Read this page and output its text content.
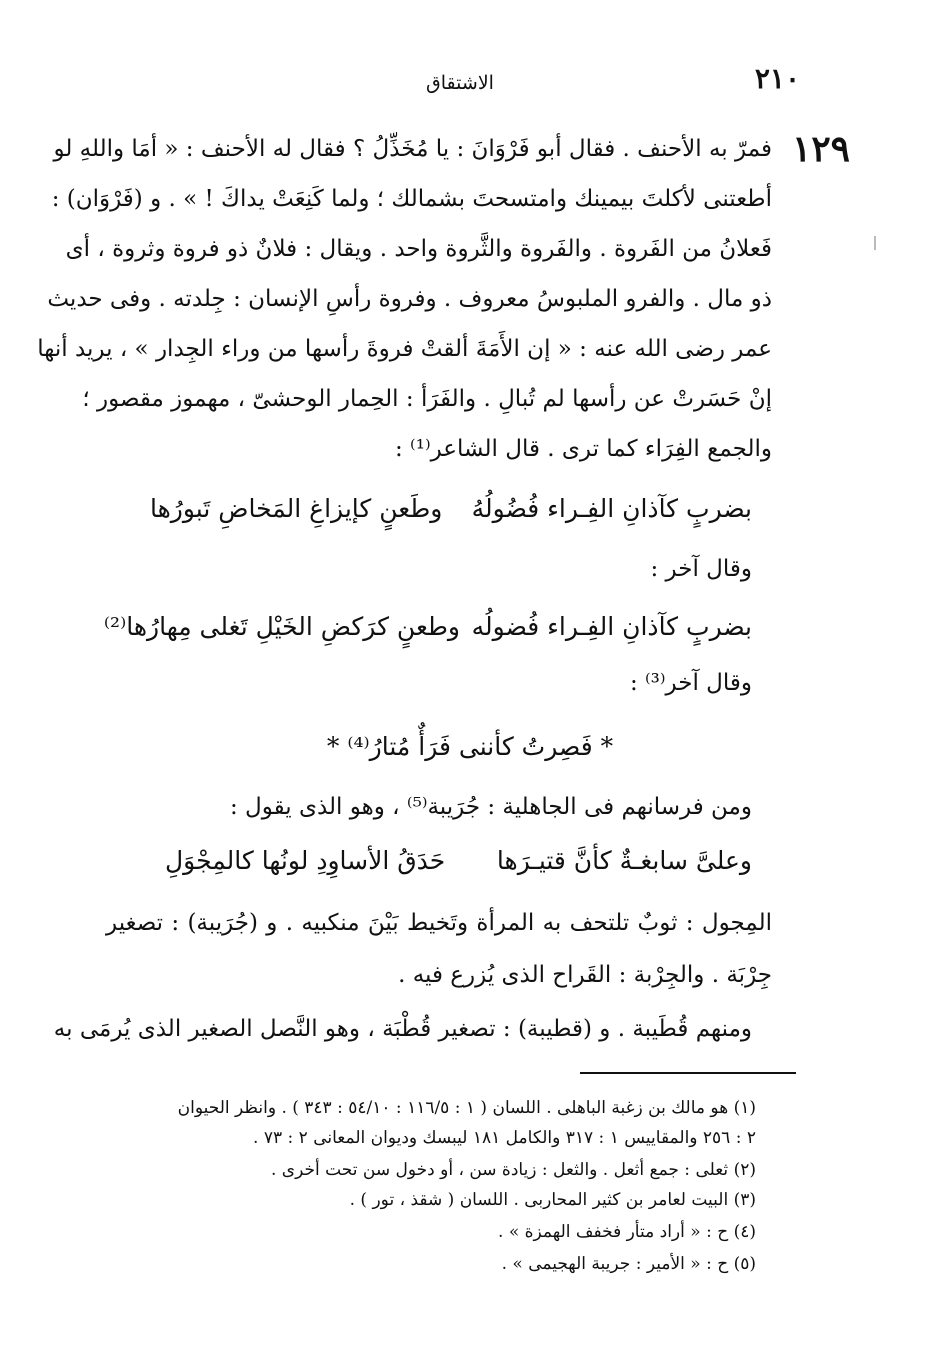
٢١٠
الاشتقاق
١٢٩
فمرّ به الأحنف . فقال أبو فَرْوَانَ : يا مُخَذِّلُ ؟ فقال له الأحنف : « أمَا واللهِ لو
أطعتنى لأكلتَ بيمينك وامتسحتَ بشمالك ؛ ولما كَنِعَتْ يداكَ ! » . و (فَرْوَان) :
فَعلانُ من الفَروة . والفَروة والثَّروة واحد . ويقال : فلانٌ ذو فروة وثروة ، أى
ذو مال . والفرو الملبوسُ معروف . وفروة رأسِ الإنسان : جِلدته . وفى حديث
عمر رضى الله عنه : « إن الأَمَةَ ألقتْ فروةَ رأسها من وراء الجِدار » ، يريد أنها
إنْ حَسَرتْ عن رأسها لم تُبالِ . والفَرَأ : الحِمار الوحشىّ ، مهموز مقصور ؛
والجمع الفِرَاء كما ترى . قال الشاعر⁽¹⁾ :
بضربٍ كآذانِ الفِـراء فُضُولُهُ
وطَعنٍ كإيزاغِ المَخاضِ تَبورُها
وقال آخر :
بضربٍ كآذانِ الفِـراء فُضولُه
وطعنٍ كرَكضِ الخَيْلِ تَغلى مِهارُها⁽²⁾
وقال آخر⁽³⁾ :
* فَصِرتُ كأننى فَرَأٌ مُتارُ⁽⁴⁾ *
ومن فرسانهم فى الجاهلية : جُرَيبة⁽⁵⁾ ، وهو الذى يقول :
وعلىَّ سابغـةٌ كأنَّ قتيـرَها
حَدَقُ الأساوِدِ لونُها كالمِجْوَلِ
المِجول : ثوبٌ تلتحف به المرأة وتَخيط بَيْنَ منكبيه . و (جُرَيبة) : تصغير
جِرْبَة . والجِرْبة : القَراح الذى يُزرع فيه .
ومنهم قُطَيبة . و (قطيبة) : تصغير قُطْبَة ، وهو النَّصل الصغير الذى يُرمَى به
(١) هو مالك بن زغبة الباهلى . اللسان ( ١ : ١١٦/٥ : ٥٤/١٠ : ٣٤٣ ) . وانظر الحيوان
٢ : ٢٥٦ والمقاييس ١ : ٣١٧ والكامل ١٨١ ليبسك وديوان المعانى ٢ : ٧٣ .
(٢) ثعلى : جمع أثعل . والثعل : زيادة سن ، أو دخول سن تحت أخرى .
(٣) البيت لعامر بن كثير المحاربى . اللسان ( شقذ ، تور ) .
(٤) ح : « أراد متأر فخفف الهمزة » .
(٥) ح : « الأمير : جريبة الهجيمى » .
